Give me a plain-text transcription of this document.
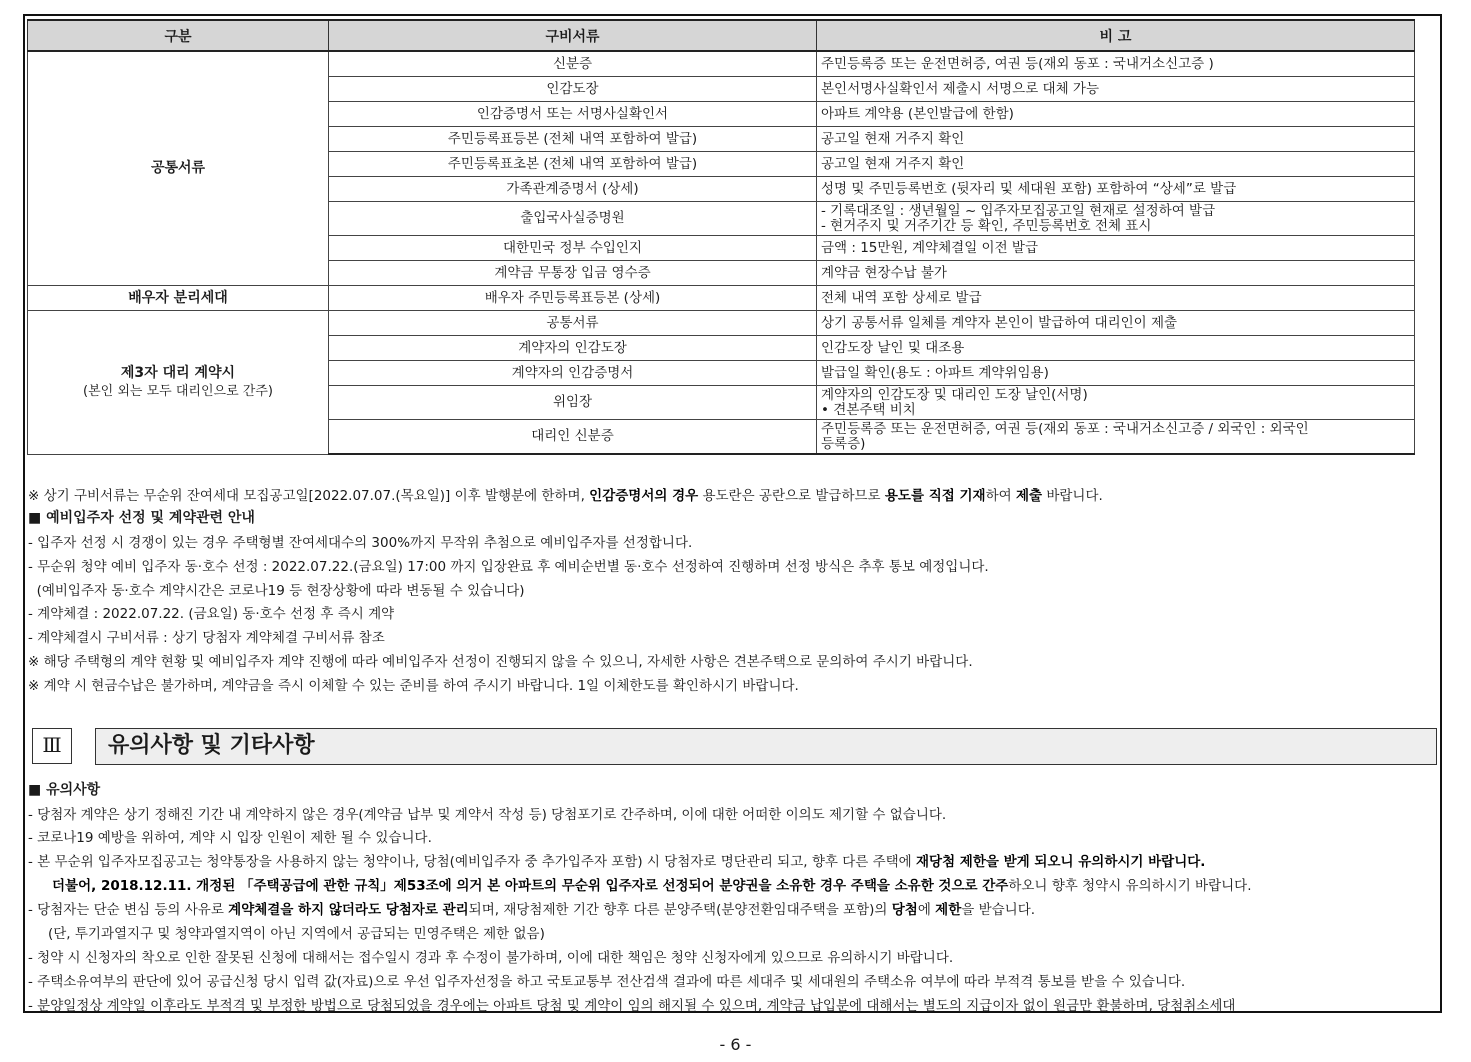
구분	구비서류	비 고
공통서류	신분증	주민등록증 또는 운전면허증, 여권 등(재외 동포 : 국내거소신고증 )
	인감도장	본인서명사실확인서 제출시 서명으로 대체 가능
	인감증명서 또는 서명사실확인서	아파트 계약용 (본인발급에 한함)
	주민등록표등본 (전체 내역 포함하여 발급)	공고일 현재 거주지 확인
	주민등록표초본 (전체 내역 포함하여 발급)	공고일 현재 거주지 확인
	가족관계증명서 (상세)	성명 및 주민등록번호 (뒷자리 및 세대원 포함) 포함하여 “상세”로 발급
	출입국사실증명원	- 기록대조일 : 생년월일 ~ 입주자모집공고일 현재로 설정하여 발급
- 현거주지 및 거주기간 등 확인, 주민등록번호 전체 표시

	대한민국 정부 수입인지	금액 : 15만원, 계약체결일 이전 발급
	계약금 무통장 입금 영수증	계약금 현장수납 불가
배우자 분리세대	배우자 주민등록표등본 (상세)	전체 내역 포함 상세로 발급
제3자 대리 계약시
(본인 외는 모두 대리인으로 간주)	공통서류	상기 공통서류 일체를 계약자 본인이 발급하여 대리인이 제출
	계약자의 인감도장	인감도장 날인 및 대조용
	계약자의 인감증명서	발급일 확인(용도 : 아파트 계약위임용)
	위임장	계약자의 인감도장 및 대리인 도장 날인(서명)
• 견본주택 비치

	대리인 신분증	주민등록증 또는 운전면허증, 여권 등(재외 동포 : 국내거소신고증 / 외국인 : 외국인
등록증)
※ 상기 구비서류는 무순위 잔여세대 모집공고일[2022.07.07.(목요일)] 이후 발행분에 한하며, 인감증명서의 경우 용도란은 공란으로 발급하므로 용도를 직접 기재하여 제출 바랍니다.
■ 예비입주자 선정 및 계약관련 안내
- 입주자 선정 시 경쟁이 있는 경우 주택형별 잔여세대수의 300%까지 무작위 추첨으로 예비입주자를 선정합니다.
- 무순위 청약 예비 입주자 동·호수 선정 : 2022.07.22.(금요일) 17:00 까지 입장완료 후 예비순번별 동·호수 선정하여 진행하며 선정 방식은 추후 통보 예정입니다.
(예비입주자 동·호수 계약시간은 코로나19 등 현장상황에 따라 변동될 수 있습니다)
- 계약체결 : 2022.07.22. (금요일) 동·호수 선정 후 즉시 계약
- 계약체결시 구비서류 : 상기 당첨자 계약체결 구비서류 참조
※ 해당 주택형의 계약 현황 및 예비입주자 계약 진행에 따라 예비입주자 선정이 진행되지 않을 수 있으니, 자세한 사항은 견본주택으로 문의하여 주시기 바랍니다.
※ 계약 시 현금수납은 불가하며, 계약금을 즉시 이체할 수 있는 준비를 하여 주시기 바랍니다. 1일 이체한도를 확인하시기 바랍니다.
Ⅲ	유의사항 및 기타사항
■ 유의사항
- 당첨자 계약은 상기 정해진 기간 내 계약하지 않은 경우(계약금 납부 및 계약서 작성 등) 당첨포기로 간주하며, 이에 대한 어떠한 이의도 제기할 수 없습니다.
- 코로나19 예방을 위하여, 계약 시 입장 인원이 제한 될 수 있습니다.
- 본 무순위 입주자모집공고는 청약통장을 사용하지 않는 청약이나, 당첨(예비입주자 중 추가입주자 포함) 시 당첨자로 명단관리 되고, 향후 다른 주택에 재당첨 제한을 받게 되오니 유의하시기 바랍니다.
더불어, 2018.12.11. 개정된 「주택공급에 관한 규칙」제53조에 의거 본 아파트의 무순위 입주자로 선정되어 분양권을 소유한 경우 주택을 소유한 것으로 간주하오니 향후 청약시 유의하시기 바랍니다.
- 당첨자는 단순 변심 등의 사유로 계약체결을 하지 않더라도 당첨자로 관리되며, 재당첨제한 기간 향후 다른 분양주택(분양전환임대주택을 포함)의 당첨에 제한을 받습니다.
(단, 투기과열지구 및 청약과열지역이 아닌 지역에서 공급되는 민영주택은 제한 없음)
- 청약 시 신청자의 착오로 인한 잘못된 신청에 대해서는 접수일시 경과 후 수정이 불가하며, 이에 대한 책임은 청약 신청자에게 있으므로 유의하시기 바랍니다.
- 주택소유여부의 판단에 있어 공급신청 당시 입력 값(자료)으로 우선 입주자선정을 하고 국토교통부 전산검색 결과에 따른 세대주 및 세대원의 주택소유 여부에 따라 부적격 통보를 받을 수 있습니다.
- 분양일정상 계약일 이후라도 부적격 및 부정한 방법으로 당첨되었을 경우에는 아파트 당첨 및 계약이 임의 해지될 수 있으며, 계약금 납입분에 대해서는 별도의 지급이자 없이 원금만 환불하며, 당첨취소세대
- 6 -
